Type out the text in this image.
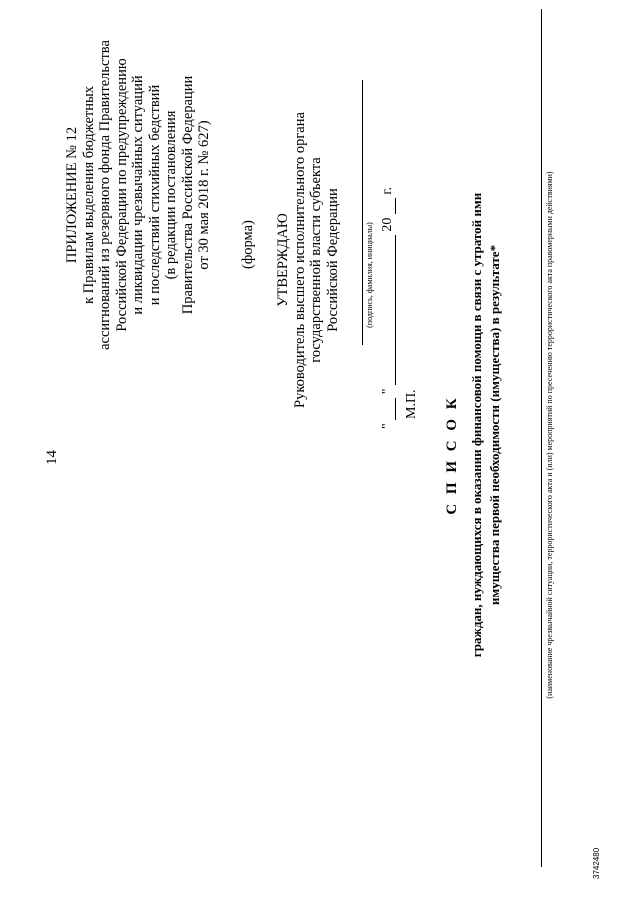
14
ПРИЛОЖЕНИЕ № 12 к Правилам выделения бюджетных ассигнований из резервного фонда Правительства Российской Федерации по предупреждению и ликвидации чрезвычайных ситуаций и последствий стихийных бедствий (в редакции постановления Правительства Российской Федерации от 30 мая 2018 г. № 627) (форма) УТВЕРЖДАЮ Руководитель высшего исполнительного органа государственной власти субъекта Российской Федерации	(подпись, фамилия, инициалы)
"  "  20  г.
М.П. С П И С О К граждан, нуждающихся в оказании финансовой помощи в связи с утратой ими имущества первой необходимости (имущества) в результате*	(наименование чрезвычайной ситуации, террористического акта и (или) мероприятий по пресечению террористического акта правомерными действиями)
3742480
